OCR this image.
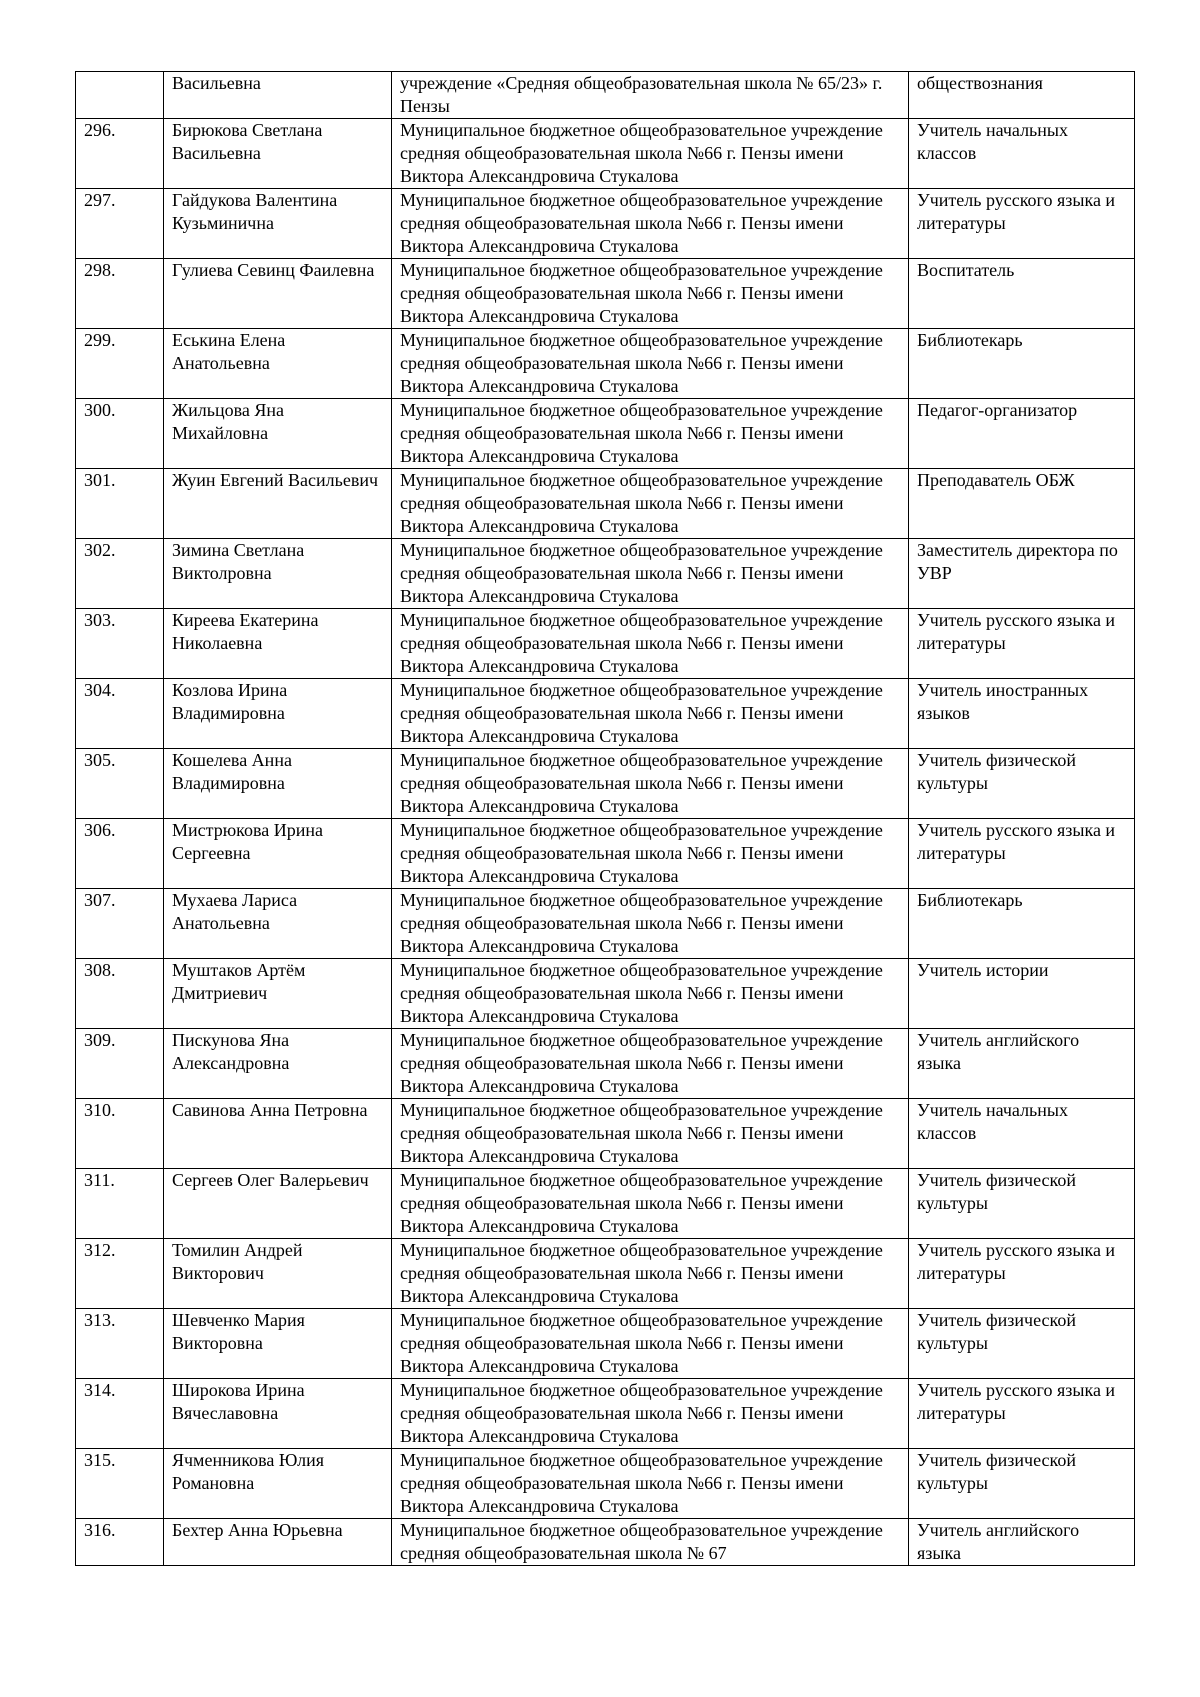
	Васильевна	учреждение «Средняя общеобразовательная школа № 65/23» г. Пензы	обществознания
296.	Бирюкова Светлана Васильевна	Муниципальное бюджетное общеобразовательное учреждение средняя общеобразовательная школа №66 г. Пензы имени Виктора Александровича Стукалова	Учитель начальных классов
297.	Гайдукова Валентина Кузьминична	Муниципальное бюджетное общеобразовательное учреждение средняя общеобразовательная школа №66 г. Пензы имени Виктора Александровича Стукалова	Учитель русского языка и литературы
298.	Гулиева Севинц Фаилевна	Муниципальное бюджетное общеобразовательное учреждение средняя общеобразовательная школа №66 г. Пензы имени Виктора Александровича Стукалова	Воспитатель
299.	Еськина Елена Анатольевна	Муниципальное бюджетное общеобразовательное учреждение средняя общеобразовательная школа №66 г. Пензы имени Виктора Александровича Стукалова	Библиотекарь
300.	Жильцова Яна Михайловна	Муниципальное бюджетное общеобразовательное учреждение средняя общеобразовательная школа №66 г. Пензы имени Виктора Александровича Стукалова	Педагог-организатор
301.	Жуин Евгений Васильевич	Муниципальное бюджетное общеобразовательное учреждение средняя общеобразовательная школа №66 г. Пензы имени Виктора Александровича Стукалова	Преподаватель ОБЖ
302.	Зимина Светлана Виктолровна	Муниципальное бюджетное общеобразовательное учреждение средняя общеобразовательная школа №66 г. Пензы имени Виктора Александровича Стукалова	Заместитель директора по УВР
303.	Киреева Екатерина Николаевна	Муниципальное бюджетное общеобразовательное учреждение средняя общеобразовательная школа №66 г. Пензы имени Виктора Александровича Стукалова	Учитель русского языка и литературы
304.	Козлова Ирина Владимировна	Муниципальное бюджетное общеобразовательное учреждение средняя общеобразовательная школа №66 г. Пензы имени Виктора Александровича Стукалова	Учитель иностранных языков
305.	Кошелева Анна Владимировна	Муниципальное бюджетное общеобразовательное учреждение средняя общеобразовательная школа №66 г. Пензы имени Виктора Александровича Стукалова	Учитель физической культуры
306.	Мистрюкова Ирина Сергеевна	Муниципальное бюджетное общеобразовательное учреждение средняя общеобразовательная школа №66 г. Пензы имени Виктора Александровича Стукалова	Учитель русского языка и литературы
307.	Мухаева Лариса Анатольевна	Муниципальное бюджетное общеобразовательное учреждение средняя общеобразовательная школа №66 г. Пензы имени Виктора Александровича Стукалова	Библиотекарь
308.	Муштаков Артём Дмитриевич	Муниципальное бюджетное общеобразовательное учреждение средняя общеобразовательная школа №66 г. Пензы имени Виктора Александровича Стукалова	Учитель истории
309.	Пискунова Яна Александровна	Муниципальное бюджетное общеобразовательное учреждение средняя общеобразовательная школа №66 г. Пензы имени Виктора Александровича Стукалова	Учитель английского языка
310.	Савинова Анна Петровна	Муниципальное бюджетное общеобразовательное учреждение средняя общеобразовательная школа №66 г. Пензы имени Виктора Александровича Стукалова	Учитель начальных классов
311.	Сергеев Олег Валерьевич	Муниципальное бюджетное общеобразовательное учреждение средняя общеобразовательная школа №66 г. Пензы имени Виктора Александровича Стукалова	Учитель физической культуры
312.	Томилин Андрей Викторович	Муниципальное бюджетное общеобразовательное учреждение средняя общеобразовательная школа №66 г. Пензы имени Виктора Александровича Стукалова	Учитель русского языка и литературы
313.	Шевченко Мария Викторовна	Муниципальное бюджетное общеобразовательное учреждение средняя общеобразовательная школа №66 г. Пензы имени Виктора Александровича Стукалова	Учитель физической культуры
314.	Широкова Ирина Вячеславовна	Муниципальное бюджетное общеобразовательное учреждение средняя общеобразовательная школа №66 г. Пензы имени Виктора Александровича Стукалова	Учитель русского языка и литературы
315.	Ячменникова Юлия Романовна	Муниципальное бюджетное общеобразовательное учреждение средняя общеобразовательная школа №66 г. Пензы имени Виктора Александровича Стукалова	Учитель физической культуры
316.	Бехтер Анна Юрьевна	Муниципальное бюджетное общеобразовательное учреждение средняя общеобразовательная школа № 67	Учитель английского языка
